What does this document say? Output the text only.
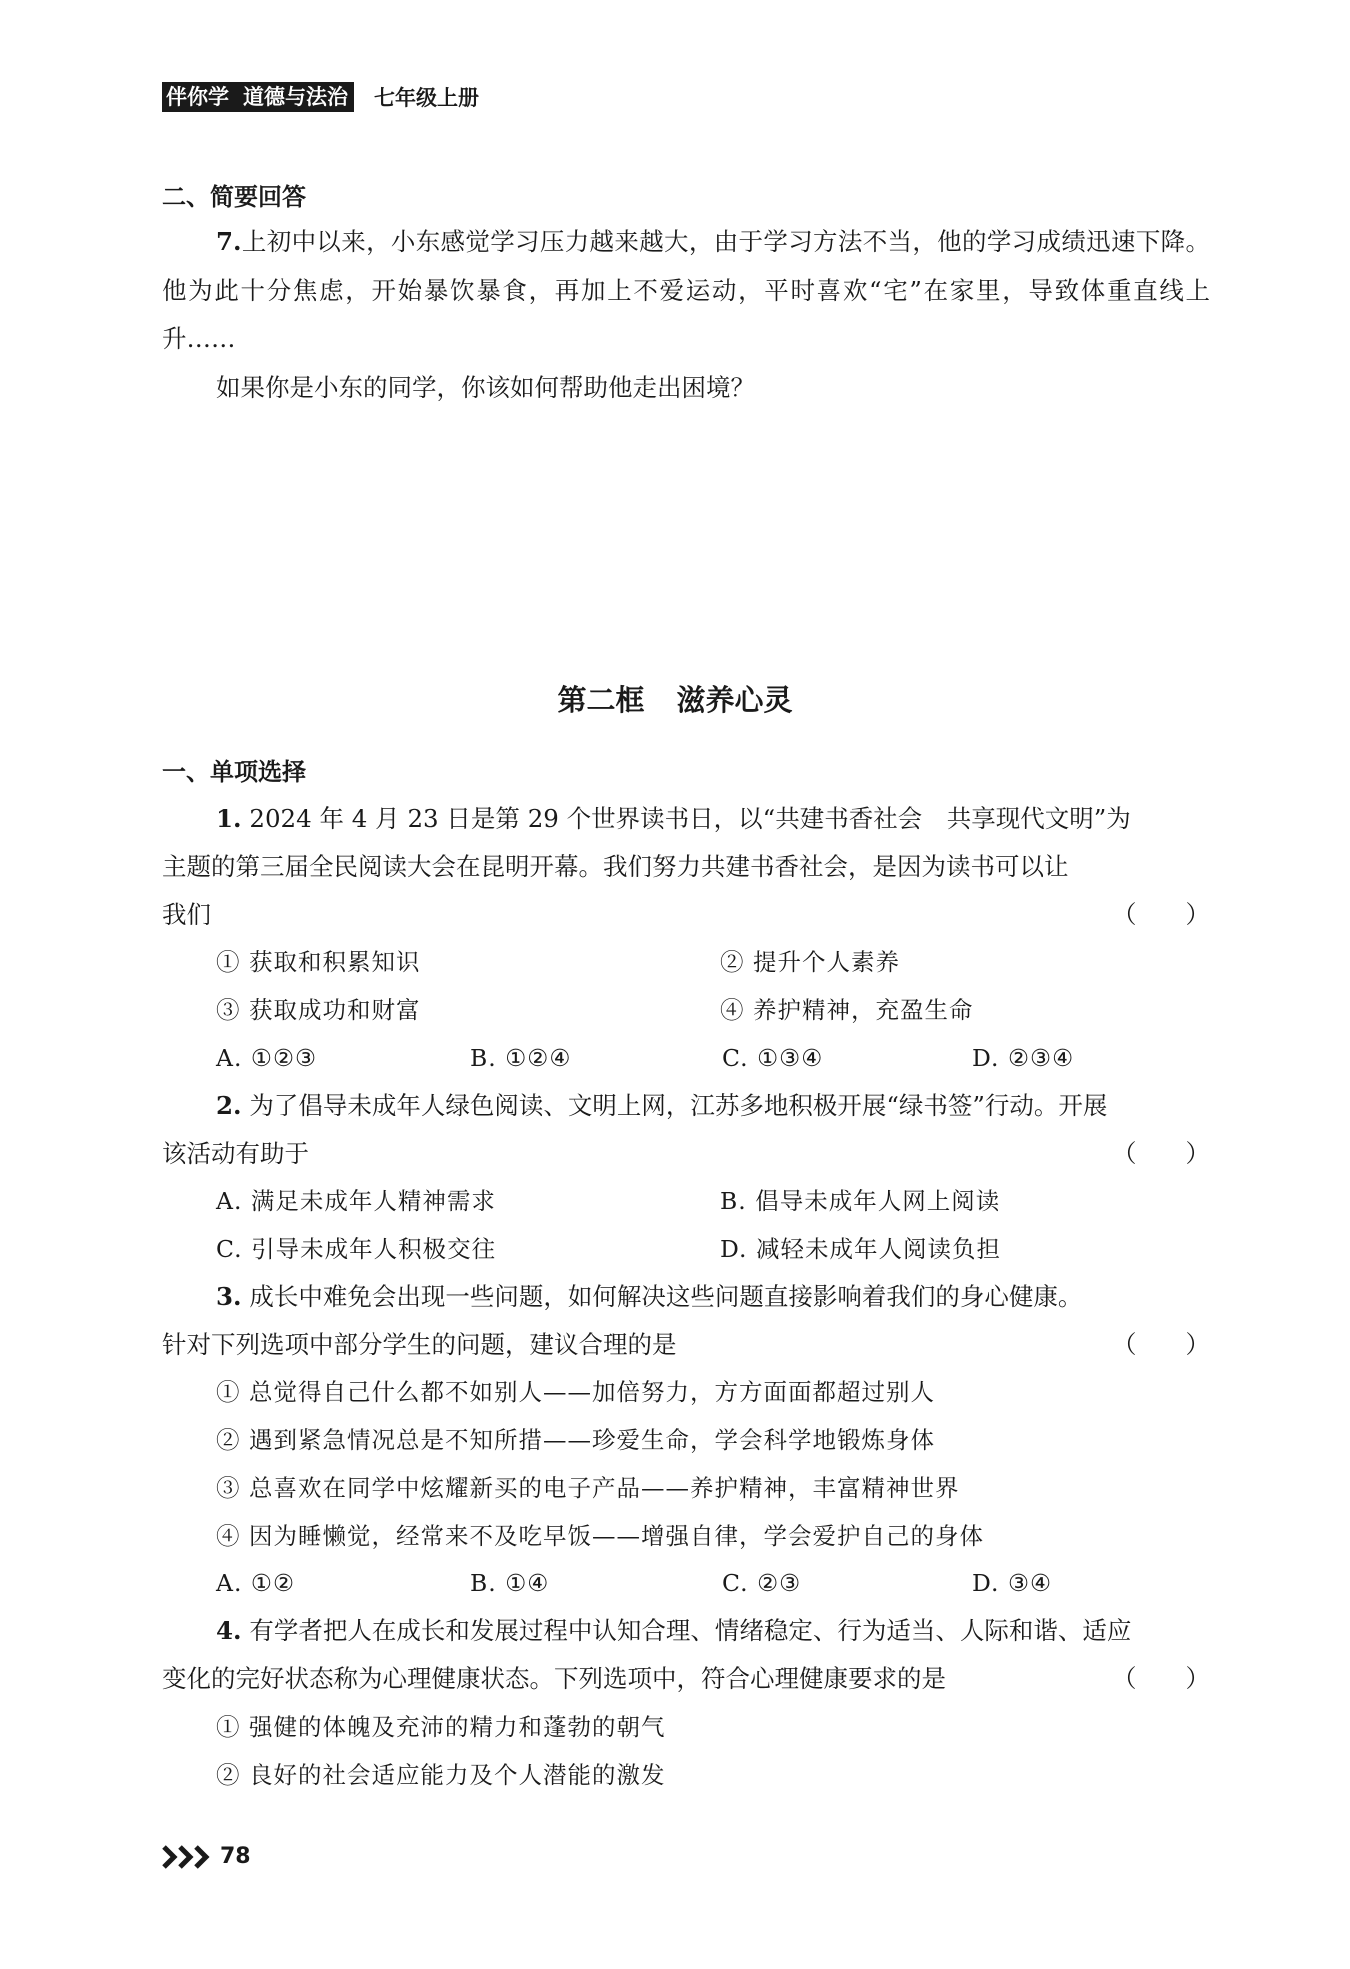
伴你学 道德与法治 七年级上册
二、简要回答

7.上初中以来，小东感觉学习压力越来越大，由于学习方法不当，他的学习成绩迅速下降。他为此十分焦虑，开始暴饮暴食，再加上不爱运动，平时喜欢“宅”在家里，导致体重直线上升……

如果你是小东的同学，你该如何帮助他走出困境？
第二框 滋养心灵
一、单项选择
1. 2024 年 4 月 23 日是第 29 个世界读书日，以“共建书香社会　共享现代文明”为
主题的第三届全民阅读大会在昆明开幕。我们努力共建书香社会，是因为读书可以让
我们	（　　）
① 获取和积累知识	② 提升个人素养
③ 获取成功和财富	④ 养护精神，充盈生命
A. ①②③	B. ①②④	C. ①③④	D. ②③④
2. 为了倡导未成年人绿色阅读、文明上网，江苏多地积极开展“绿书签”行动。开展
该活动有助于	（　　）
A. 满足未成年人精神需求	B. 倡导未成年人网上阅读
C. 引导未成年人积极交往	D. 减轻未成年人阅读负担
3. 成长中难免会出现一些问题，如何解决这些问题直接影响着我们的身心健康。
针对下列选项中部分学生的问题，建议合理的是	（　　）
① 总觉得自己什么都不如别人——加倍努力，方方面面都超过别人
② 遇到紧急情况总是不知所措——珍爱生命，学会科学地锻炼身体
③ 总喜欢在同学中炫耀新买的电子产品——养护精神，丰富精神世界
④ 因为睡懒觉，经常来不及吃早饭——增强自律，学会爱护自己的身体
A. ①②	B. ①④	C. ②③	D. ③④
4. 有学者把人在成长和发展过程中认知合理、情绪稳定、行为适当、人际和谐、适应
变化的完好状态称为心理健康状态。下列选项中，符合心理健康要求的是	（　　）
① 强健的体魄及充沛的精力和蓬勃的朝气
② 良好的社会适应能力及个人潜能的激发
78
